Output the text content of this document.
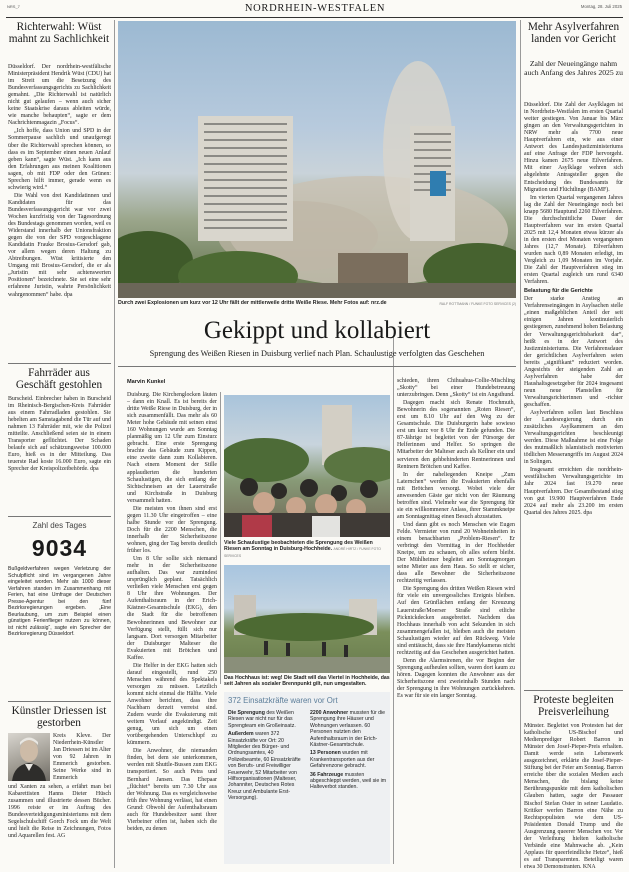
NRS_7	NORDRHEIN-WESTFALEN	Montag, 28. Juli 2025
Richterwahl: Wüst mahnt zu Sachlichkeit

Düsseldorf. Der nordrhein-westfälische Ministerpräsident Hendrik Wüst (CDU) hat im Streit um die Besetzung des Bundesverfassungsgerichts zu Sachlichkeit gemahnt. „Die Richterwahl ist natürlich nicht gut gelaufen – wenn auch sicher keine Staatskrise daraus ableiten würde, wie manche behaupten“, sagte er dem Nachrichtenmagazin „Focus“.

„Ich hoffe, dass Union und SPD in der Sommerpause sachlich und unaufgeregt über die Richterwahl sprechen können, so dass es im September einen neuen Anlauf geben kann“, sagte Wüst. „Ich kann aus den Erfahrungen aus meinen Koalitionen sagen, ob mit FDP oder den Grünen: Sprechen hilft immer, gerade wenn es schwierig wird.“

Die Wahl von drei Kandidatinnen und Kandidaten für das Bundesverfassungsgericht war vor zwei Wochen kurzfristig von der Tagesordnung des Bundestags genommen worden, weil es Widerstand innerhalb der Unionsfraktion gegen die von der SPD vorgeschlagene Kandidatin Frauke Brosius-Gersdorf gab, vor allem wegen deren Haltung zu Abtreibungen. Wüst kritisierte den Umgang mit Brosius-Gersdorf, die er als „Juristin mit sehr achtenswerten Positionen“ bezeichnete. Sie sei eine sehr erfahrene Juristin, wahrte Persönlichkeit wahrgenommen“ habe. dpa

Fahrräder aus Geschäft gestohlen

Burscheid. Einbrecher haben in Burscheid im Rheinisch-Bergischen-Kreis Fahrräder aus einem Fahrradladen gestohlen. Sie hebelten am Samstagabend die Tür auf und nahmen 13 Fahrräder mit, wie die Polizei mitteilte. Anschließend seien sie in einem Transporter geflüchtet. Der Schaden belaufe sich auf schätzungsweise 100.000 Euro, hieß es in der Mitteilung. Das teuerste Rad koste 16.000 Euro, sagte ein Sprecher der Kreispolizeibehörde. dpa

Zahl des Tages
9034
Bußgeldverfahren wegen Verletzung der Schulpflicht sind im vergangenen Jahre eingeleitet worden. Mehr als 1000 dieser Verfahren standen im Zusammenhang mit Ferien, hat eine Umfrage der Deutschen Presse-Agentur bei den fünf Bezirksregierungen ergeben. „Eine Beurlaubung, um zum Beispiel einen günstigen Ferienflieger nutzen zu können, ist nicht zulässig“, sagte ein Sprecher der Bezirksregierung Düsseldorf.
Künstler Driessen ist gestorben
Kreis Kleve. Der Niederrhein-Künstler Jan Driessen ist im Alter von 92 Jahren in Emmerich gestorben. Seine Werke sind in Emmerich
und Xanten zu sehen, a erfährt man bei Kabarettisten Hanns Dieter Hüsch zusammen und illustrierte dessen Bücher. 1996 reiste er im Auftrag des Bundesverteidigungsministeriums mit dem Segelschulschiff Gorch Fock um die Welt und hielt die Reise in Zeichnungen, Fotos und Aquarellen fest. AG
Durch zwei Explosionen um kurz vor 12 Uhr fällt der mittlerweile dritte Weiße Riese. Mehr Fotos auf: nrz.de	RALF ROTTMANN / FUNKE FOTO SERVICES (2)
Gekippt und kollabiert
Sprengung des Weißen Riesen in Duisburg verlief nach Plan. Schaulustige verfolgten das Geschehen
Marvin Kunkel

Duisburg. Die Kirchenglocken läuten – dann ein Knall. Es ist bereits der dritte Weiße Riese in Duisburg, der in sich zusammenfällt. Das mehr als 60 Meter hohe Gebäude mit seinen einst 160 Wohnungen wurde am Sonntag planmäßig um 12 Uhr zum Einsturz gebracht. Eine erste Sprengung brachte das Gebäude zum Kippen, eine zweite dann zum Kollabieren. Nach einem Moment der Stille applaudierten die hunderten Schaulustigen, die sich entlang der Sichtschneisen an der Lauerstraße und Kirchstraße in Duisburg versammelt hatten.

Die meisten von ihnen sind erst gegen 11.30 Uhr eingetroffen – eine halbe Stunde vor der Sprengung. Doch für die 2200 Menschen, die innerhalb der Sicherheitszone wohnen, ging der Tag bereits deutlich früher los.

Um 8 Uhr sollte sich niemand mehr in der Sicherheitszone aufhalten. Das war zumindest ursprünglich geplant. Tatsächlich verließen viele Menschen erst gegen 8 Uhr ihre Wohnungen. Der Aufenthaltsraum in der Erich-Kästner-Gesamtschule (EKG), den die Stadt für die betroffenen Bewohnerinnen und Bewohner zur Verfügung stellt, füllt sich nur langsam. Dort versorgen Mitarbeiter der Duisburger Malteser die Evakuierten mit Brötchen und Kaffee.

Die Helfer in der EKG hatten sich darauf eingestellt, rund 250 Menschen während des Spektakels versorgen zu müssen. Letztlich kommt nicht einmal die Hälfte. Viele Anwohner berichten, dass ihre Nachbarn derzeit verreist sind. Zudem wurde die Evakuierung mit weitem Vorlauf angekündigt. Zeit genug, um sich um einen vorübergehenden Unterschlupf zu kümmern.

Die Anwohner, die niemanden finden, bei dem sie unterkommen, werden mit Shuttle-Bussen zum EKG transportiert. So auch Petra und Bernhard Jansen. Das Ehepaar „flüchtet“ bereits um 7.30 Uhr aus der Wohnung. Das es vergleichsweise früh ihre Wohnung verlässt, hat einen Grund: Obwohl der Aufenthaltsraum auch für Hundebesitzer samt ihrer Vierbeiner offen ist, haben sich die beiden, zu denen

Viele Schaulustige beobachteten die Sprengung des Weißen Riesen am Sonntag in Duisburg-Hochheide. ANDRÉ HIRTZ / FUNKE FOTO SERVICES
Das Hochhaus ist: weg! Die Stadt will das Viertel in Hochheide, das seit Jahren als sozialer Brennpunkt gilt, nun umgestalten.

schieden, ihren Chihuahua-Collie-Mischling „Skotty“ bei einer Hundebetreuung unterzubringen. Denn „Skotty“ ist ein Angsthund.

Dagegen macht sich Renate Hochmuth, Bewohnerin des sogenannten „Roten Riesen“, erst um 8.10 Uhr auf den Weg zu der Gesamtschule. Die Duisburgerin habe sowieso erst um kurz vor 8 Uhr ihr Ende gefunden. Die 87-Jährige ist begleitet von der Fürsorge der Helferinnen und Helfer. So springen die Mitarbeiter der Malteser auch als Kellner ein und servieren den gehbehinderten Rentnerinnen und Rentnern Brötchen und Kaffee.

In der naheliegenden Kneipe „Zum Laternchen“ werden die Evakuierten ebenfalls mit Brötchen versorgt. Wobei viele der anwesenden Gäste gar nicht von der Räumung betroffen sind. Vielmehr war die Sprengung für sie ein willkommener Anlass, ihrer Stammkneipe am Sonntagmittag einen Besuch abzustatten.

Und dann gibt es noch Menschen wie Eugen Felde. Vermieter von rund 20 Wohneinheiten in einem benachbarten „Problem-Riesen“. Er verbringt den Vormittag in der Hochheider Kneipe, um zu schauen, ob alles sofern bleibt. Der Mühlheimer begleitet am Sonntagmorgen seine Mieter aus dem Haus. So stellt er sicher, dass alle Bewohner die Sicherheitszone rechtzeitig verlassen.

Die Sprengung des dritten Weißen Riesen wird für viele ein unvergessliches Ereignis bleiben. Auf den Grünflächen entlang der Kreuzung Lauerstraße/Moerser Straße sind etliche Picknickdecken ausgebreitet. Nachdem das Hochhaus innerhalb von acht Sekunden in sich zusammengefallen ist, bleiben auch die meisten Schaulustigen wieder auf den Rückweg. Viele sind enttäuscht, dass sie ihre Handykameras nicht rechtzeitig auf das Geschehen ausgerichtet hatten.

Denn die Alarmsirenen, die vor Beginn der Sprengung aufheulen sollten, waren dort kaum zu hören. Dagegen konnten die Anwohner aus der Sicherheitszone erst zweieinhalb Stunden nach der Sprengung in ihre Wohnungen zurückkehren. Es war für sie ein langer Sonntag.

372 Einsatzkräfte waren vor Ort

Die Sprengung des Weißen Riesen war nicht nur für das Sprengteam ein Großeinsatz.

Außerdem waren 372 Einsatzkräfte vor Ort: 20 Mitglieder des Bürger- und Ordnungsamtes, 40 Polizeibeamte, 60 Einsatzkräfte von Berufs- und Freiwilliger Feuerwehr, 52 Mitarbeiter von Hilfsorganisationen (Malteser, Johanniter, Deutsches Rotes Kreuz und Ambulante Erst-Versorgung).

2200 Anwohner mussten für die Sprengung ihre Häuser und Wohnungen verlassen. 60 Personen nutzten den Aufenthaltsraum in der Erich-Kästner-Gesamtschule.

13 Personen wurden mit Krankentransporten aus der Gefahrenzone gebracht.

36 Fahrzeuge mussten abgeschleppt werden, weil sie im Halteverbot standen.

Mehr Asylverfahren landen vor Gericht
Zahl der Neueingänge nahm auch Anfang des Jahres 2025 zu

Düsseldorf. Die Zahl der Asylklagen ist in Nordrhein-Westfalen im ersten Quartal weiter gestiegen. Von Januar bis März gingen an den Verwaltungsgerichten in NRW mehr als 7700 neue Hauptverfahren ein, wie aus einer Antwort des Landesjustizministeriums auf eine Anfrage der FDP hervorgeht. Hinzu kamen 2675 neue Eilverfahren. Mit einer Asylklage wehren sich abgelehnte Antragsteller gegen die Entscheidung des Bundesamts für Migration und Flüchtlinge (BAMF).

Im vierten Quartal vergangenen Jahres lag die Zahl der Neueingänge noch bei knapp 5680 Hauptund 2260 Eilverfahren. Die durchschnittliche Dauer der Hauptverfahren war im ersten Quartal 2025 mit 12,4 Monaten etwas kürzer als in den ersten drei Monaten vergangenen Jahres (12,7 Monate). Eilverfahren wurden nach 0,89 Monaten erledigt, im Vergleich zu 1,09 Monaten im Vorjahr. Die Zahl der Hauptverfahren stieg im ersten Quartal zugleich um rund 6340 Verfahren.

Belastung für die Gerichte

Der starke Anstieg an Verfahrenseingängen in Asylsachen stelle „einen maßgeblichen Anteil der seit einigen Jahren kontinuierlich gestiegenen, zunehmend hohen Belastung der Verwaltungsgerichtsbarkeit dar“, heißt es in der Antwort des Justizministeriums. Die Verfahrensdauer der gerichtlichen Asylverfahren seien bereits „signifikant“ reduziert worden. Angesichts der steigenden Zahl an Asylverfahren habe der Haushaltsgesetzgeber für 2024 insgesamt neun neue Planstellen für Verwaltungsrichterinnen und -richter geschaffen.

Asylverfahren sollen laut Beschluss der Landesregierung durch ein zusätzliches Asylkammern an den Verwaltungsgerichten beschleunigt werden. Diese Maßnahme ist eine Folge des mutmaßlich islamistisch motivierten tödlichen Messerangriffs im August 2024 in Solingen.

Insgesamt erreichten die nordrhein-westfälischen Verwaltungsgerichte im Jahr 2024 fast 19.270 neue Hauptverfahren. Der Gesamtbestand stieg von gut 19.900 Hauptverfahren Ende 2024 auf mehr als 23.200 im ersten Quartal des Jahres 2025. dpa

Proteste begleiten Preisverleihung
Münster. Begleitet von Protesten hat der katholische US-Bischof und Medienprediger Robert Barron in Münster den Josef-Pieper-Preis erhalten. Damit werde sein Lebenswerk ausgezeichnet, erklärte die Josef-Pieper-Stiftung bei der Feier am Sonntag. Barron erreiche über die sozialen Medien auch Menschen, die bislang keine Berührungspunkte mit dem katholischen Glauben hatten, sagte der Passauer Bischof Stefan Oster in seiner Laudatio. Kritiker werfen Barron eine Nähe zu Rechtspopulisten wie dem US-Präsidenten Donald Trump und die Ausgrenzung queerer Menschen vor. Vor der Verleihung hielten katholische Verbände eine Mahnwache ab. „Kein Applaus für queerfeindliche Hetze“, hieß es auf Transparenten. Beteiligt waren etwa 30 Demonstranten. KNA
